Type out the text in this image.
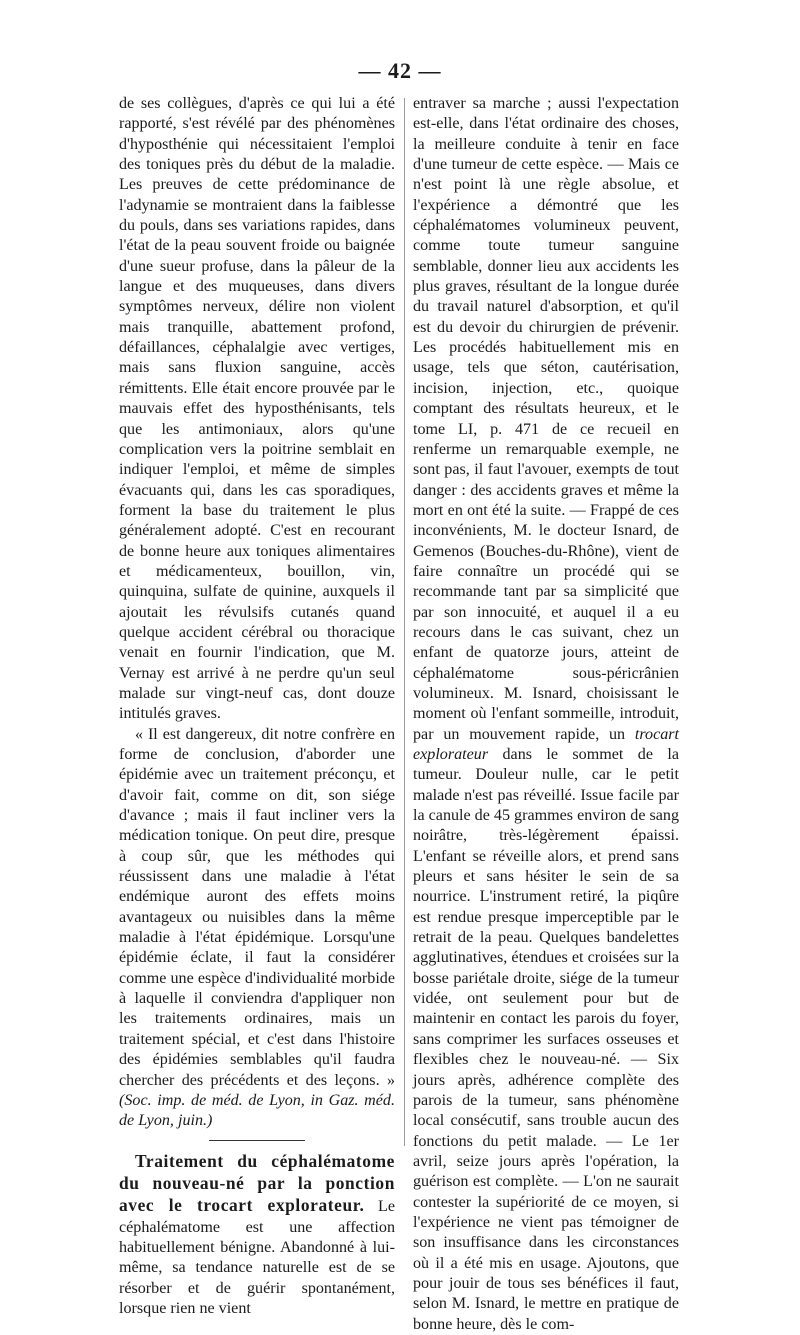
— 42 —

de ses collègues, d'après ce qui lui a été rapporté, s'est révélé par des phénomènes d'hyposthénie qui nécessitaient l'emploi des toniques près du début de la maladie. Les preuves de cette prédominance de l'adynamie se montraient dans la faiblesse du pouls, dans ses variations rapides, dans l'état de la peau souvent froide ou baignée d'une sueur profuse, dans la pâleur de la langue et des muqueuses, dans divers symptômes nerveux, délire non violent mais tranquille, abattement profond, défaillances, céphalalgie avec vertiges, mais sans fluxion sanguine, accès rémittents. Elle était encore prouvée par le mauvais effet des hyposthénisants, tels que les antimoniaux, alors qu'une complication vers la poitrine semblait en indiquer l'emploi, et même de simples évacuants qui, dans les cas sporadiques, forment la base du traitement le plus généralement adopté. C'est en recourant de bonne heure aux toniques alimentaires et médicamenteux, bouillon, vin, quinquina, sulfate de quinine, auxquels il ajoutait les révulsifs cutanés quand quelque accident cérébral ou thoracique venait en fournir l'indication, que M. Vernay est arrivé à ne perdre qu'un seul malade sur vingt-neuf cas, dont douze intitulés graves.

« Il est dangereux, dit notre confrère en forme de conclusion, d'aborder une épidémie avec un traitement préconçu, et d'avoir fait, comme on dit, son siége d'avance ; mais il faut incliner vers la médication tonique. On peut dire, presque à coup sûr, que les méthodes qui réussissent dans une maladie à l'état endémique auront des effets moins avantageux ou nuisibles dans la même maladie à l'état épidémique. Lorsqu'une épidémie éclate, il faut la considérer comme une espèce d'individualité morbide à laquelle il conviendra d'appliquer non les traitements ordinaires, mais un traitement spécial, et c'est dans l'histoire des épidémies semblables qu'il faudra chercher des précédents et des leçons. » (Soc. imp. de méd. de Lyon, in Gaz. méd. de Lyon, juin.)

Traitement du céphalématome du nouveau-né par la ponction avec le trocart explorateur. Le céphalématome est une affection habituellement bénigne. Abandonné à lui-même, sa tendance naturelle est de se résorber et de guérir spontanément, lorsque rien ne vient

entraver sa marche ; aussi l'expectation est-elle, dans l'état ordinaire des choses, la meilleure conduite à tenir en face d'une tumeur de cette espèce. — Mais ce n'est point là une règle absolue, et l'expérience a démontré que les céphalématomes volumineux peuvent, comme toute tumeur sanguine semblable, donner lieu aux accidents les plus graves, résultant de la longue durée du travail naturel d'absorption, et qu'il est du devoir du chirurgien de prévenir. Les procédés habituellement mis en usage, tels que séton, cautérisation, incision, injection, etc., quoique comptant des résultats heureux, et le tome LI, p. 471 de ce recueil en renferme un remarquable exemple, ne sont pas, il faut l'avouer, exempts de tout danger : des accidents graves et même la mort en ont été la suite. — Frappé de ces inconvénients, M. le docteur Isnard, de Gemenos (Bouches-du-Rhône), vient de faire connaître un procédé qui se recommande tant par sa simplicité que par son innocuité, et auquel il a eu recours dans le cas suivant, chez un enfant de quatorze jours, atteint de céphalématome sous-péricrânien volumineux. M. Isnard, choisissant le moment où l'enfant sommeille, introduit, par un mouvement rapide, un trocart explorateur dans le sommet de la tumeur. Douleur nulle, car le petit malade n'est pas réveillé. Issue facile par la canule de 45 grammes environ de sang noirâtre, très-légèrement épaissi. L'enfant se réveille alors, et prend sans pleurs et sans hésiter le sein de sa nourrice. L'instrument retiré, la piqûre est rendue presque imperceptible par le retrait de la peau. Quelques bandelettes agglutinatives, étendues et croisées sur la bosse pariétale droite, siége de la tumeur vidée, ont seulement pour but de maintenir en contact les parois du foyer, sans comprimer les surfaces osseuses et flexibles chez le nouveau-né. — Six jours après, adhérence complète des parois de la tumeur, sans phénomène local consécutif, sans trouble aucun des fonctions du petit malade. — Le 1er avril, seize jours après l'opération, la guérison est complète. — L'on ne saurait contester la supériorité de ce moyen, si l'expérience ne vient pas témoigner de son insuffisance dans les circonstances où il a été mis en usage. Ajoutons, que pour jouir de tous ses bénéfices il faut, selon M. Isnard, le mettre en pratique de bonne heure, dès le com-
